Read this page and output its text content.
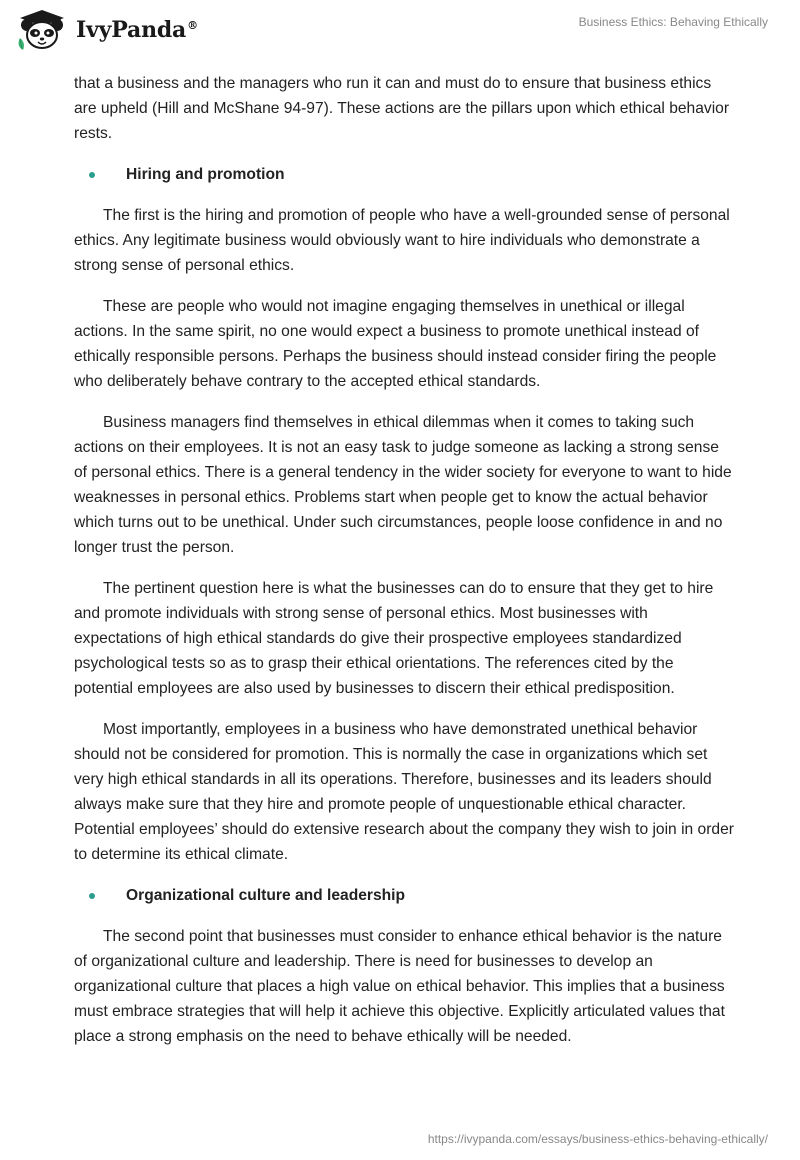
IvyPanda®	Business Ethics: Behaving Ethically

that a business and the managers who run it can and must do to ensure that business ethics are upheld (Hill and McShane 94-97). These actions are the pillars upon which ethical behavior rests.

Hiring and promotion

The first is the hiring and promotion of people who have a well-grounded sense of personal ethics. Any legitimate business would obviously want to hire individuals who demonstrate a strong sense of personal ethics.

These are people who would not imagine engaging themselves in unethical or illegal actions. In the same spirit, no one would expect a business to promote unethical instead of ethically responsible persons. Perhaps the business should instead consider firing the people who deliberately behave contrary to the accepted ethical standards.

Business managers find themselves in ethical dilemmas when it comes to taking such actions on their employees. It is not an easy task to judge someone as lacking a strong sense of personal ethics. There is a general tendency in the wider society for everyone to want to hide weaknesses in personal ethics. Problems start when people get to know the actual behavior which turns out to be unethical. Under such circumstances, people loose confidence in and no longer trust the person.

The pertinent question here is what the businesses can do to ensure that they get to hire and promote individuals with strong sense of personal ethics. Most businesses with expectations of high ethical standards do give their prospective employees standardized psychological tests so as to grasp their ethical orientations. The references cited by the potential employees are also used by businesses to discern their ethical predisposition.

Most importantly, employees in a business who have demonstrated unethical behavior should not be considered for promotion. This is normally the case in organizations which set very high ethical standards in all its operations. Therefore, businesses and its leaders should always make sure that they hire and promote people of unquestionable ethical character. Potential employees’ should do extensive research about the company they wish to join in order to determine its ethical climate.

Organizational culture and leadership

The second point that businesses must consider to enhance ethical behavior is the nature of organizational culture and leadership. There is need for businesses to develop an organizational culture that places a high value on ethical behavior. This implies that a business must embrace strategies that will help it achieve this objective. Explicitly articulated values that place a strong emphasis on the need to behave ethically will be needed.

https://ivypanda.com/essays/business-ethics-behaving-ethically/
